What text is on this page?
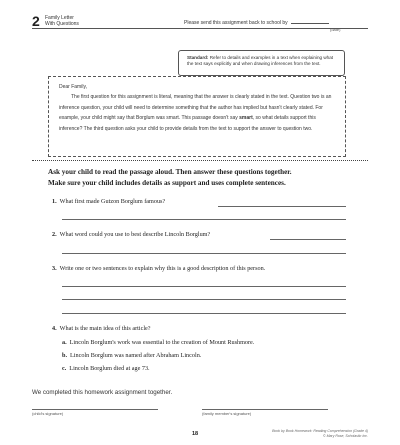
2 Family Letter
With Questions	Please send this assignment back to school by
(date)
Standard: Refer to details and examples in a text when explaining what the text says explicitly and when drawing inferences from the text.

Dear Family,

The first question for this assignment is literal, meaning that the answer is clearly stated in the text. Question two is an inference question, your child will need to determine something that the author has implied but hasn't clearly stated. For example, your child might say that Borglum was smart. This passage doesn't say smart, so what details support this inference? The third question asks your child to provide details from the text to support the answer to question two.

Ask your child to read the passage aloud. Then answer these questions together.
Make sure your child includes details as support and uses complete sentences.
1. What first made Gutzon Borglum famous?
2. What word could you use to best describe Lincoln Borglum?
3. Write one or two sentences to explain why this is a good description of this person.
4. What is the main idea of this article?
a. Lincoln Borglum's work was essential to the creation of Mount Rushmore.
b. Lincoln Borglum was named after Abraham Lincoln.
c. Lincoln Borglum died at age 73.
We completed this homework assignment together.
(child's signature)	(family member's signature)
18	Book by Book Homework: Reading Comprehension (Grade 4)
© Mary Rose, Scholastic Inc.
